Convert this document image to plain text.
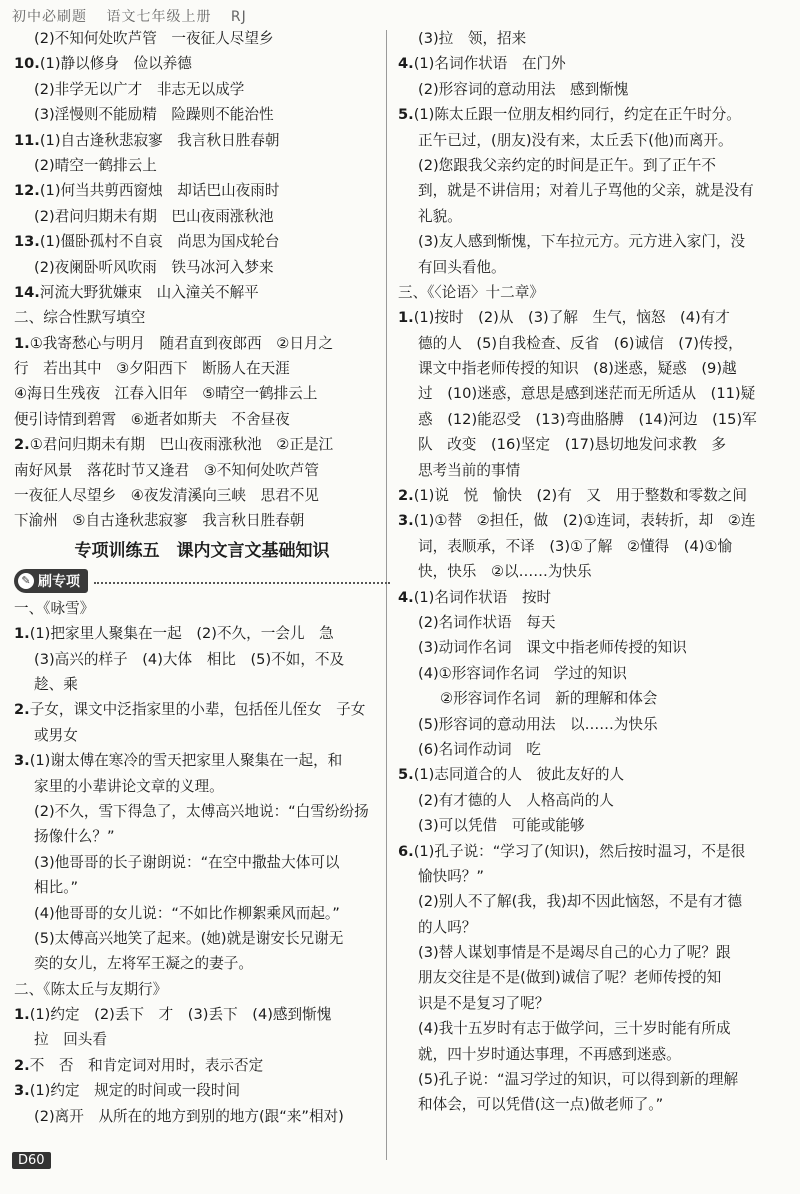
初中必刷题 语文七年级上册 RJ
(2)不知何处吹芦管　一夜征人尽望乡
10.(1)静以修身　俭以养德
(2)非学无以广才　非志无以成学
(3)淫慢则不能励精　险躁则不能治性
11.(1)自古逢秋悲寂寥　我言秋日胜春朝
(2)晴空一鹤排云上
12.(1)何当共剪西窗烛　却话巴山夜雨时
(2)君问归期未有期　巴山夜雨涨秋池
13.(1)僵卧孤村不自哀　尚思为国戍轮台
(2)夜阑卧听风吹雨　铁马冰河入梦来
14.河流大野犹嫌束　山入潼关不解平
二、综合性默写填空
1.①我寄愁心与明月　随君直到夜郎西　②日月之
行　若出其中　③夕阳西下　断肠人在天涯
④海日生残夜　江春入旧年　⑤晴空一鹤排云上
便引诗情到碧霄　⑥逝者如斯夫　不舍昼夜
2.①君问归期未有期　巴山夜雨涨秋池　②正是江
南好风景　落花时节又逢君　③不知何处吹芦管
一夜征人尽望乡　④夜发清溪向三峡　思君不见
下渝州　⑤自古逢秋悲寂寥　我言秋日胜春朝
专项训练五　课内文言文基础知识
✎ 刷专项
一、《咏雪》
1.(1)把家里人聚集在一起　(2)不久，一会儿　急
(3)高兴的样子　(4)大体　相比　(5)不如，不及
趁、乘
2.子女，课文中泛指家里的小辈，包括侄儿侄女　子女
或男女
3.(1)谢太傅在寒冷的雪天把家里人聚集在一起，和
家里的小辈讲论文章的义理。
(2)不久，雪下得急了，太傅高兴地说：“白雪纷纷扬
扬像什么？”
(3)他哥哥的长子谢朗说：“在空中撒盐大体可以
相比。”
(4)他哥哥的女儿说：“不如比作柳絮乘风而起。”
(5)太傅高兴地笑了起来。(她)就是谢安长兄谢无
奕的女儿，左将军王凝之的妻子。
二、《陈太丘与友期行》
1.(1)约定　(2)丢下　才　(3)丢下　(4)感到惭愧
拉　回头看
2.不　否　和肯定词对用时，表示否定
3.(1)约定　规定的时间或一段时间
(2)离开　从所在的地方到别的地方(跟“来”相对)
(3)拉　领，招来
4.(1)名词作状语　在门外
(2)形容词的意动用法　感到惭愧
5.(1)陈太丘跟一位朋友相约同行，约定在正午时分。
正午已过，(朋友)没有来，太丘丢下(他)而离开。
(2)您跟我父亲约定的时间是正午。到了正午不
到，就是不讲信用；对着儿子骂他的父亲，就是没有
礼貌。
(3)友人感到惭愧，下车拉元方。元方进入家门，没
有回头看他。
三、《〈论语〉十二章》
1.(1)按时　(2)从　(3)了解　生气，恼怒　(4)有才
德的人　(5)自我检查、反省　(6)诚信　(7)传授，
课文中指老师传授的知识　(8)迷惑，疑惑　(9)越
过　(10)迷惑，意思是感到迷茫而无所适从　(11)疑
惑　(12)能忍受　(13)弯曲胳膊　(14)河边　(15)军
队　改变　(16)坚定　(17)恳切地发问求教　多
思考当前的事情
2.(1)说　悦　愉快　(2)有　又　用于整数和零数之间
3.(1)①替　②担任，做　(2)①连词，表转折，却　②连
词，表顺承，不译　(3)①了解　②懂得　(4)①愉
快，快乐　②以……为快乐
4.(1)名词作状语　按时
(2)名词作状语　每天
(3)动词作名词　课文中指老师传授的知识
(4)①形容词作名词　学过的知识
②形容词作名词　新的理解和体会
(5)形容词的意动用法　以……为快乐
(6)名词作动词　吃
5.(1)志同道合的人　彼此友好的人
(2)有才德的人　人格高尚的人
(3)可以凭借　可能或能够
6.(1)孔子说：“学习了(知识)，然后按时温习，不是很
愉快吗？”
(2)别人不了解(我，我)却不因此恼怒，不是有才德
的人吗？
(3)替人谋划事情是不是竭尽自己的心力了呢？跟
朋友交往是不是(做到)诚信了呢？老师传授的知
识是不是复习了呢？
(4)我十五岁时有志于做学问，三十岁时能有所成
就，四十岁时通达事理，不再感到迷惑。
(5)孔子说：“温习学过的知识，可以得到新的理解
和体会，可以凭借(这一点)做老师了。”
D60
